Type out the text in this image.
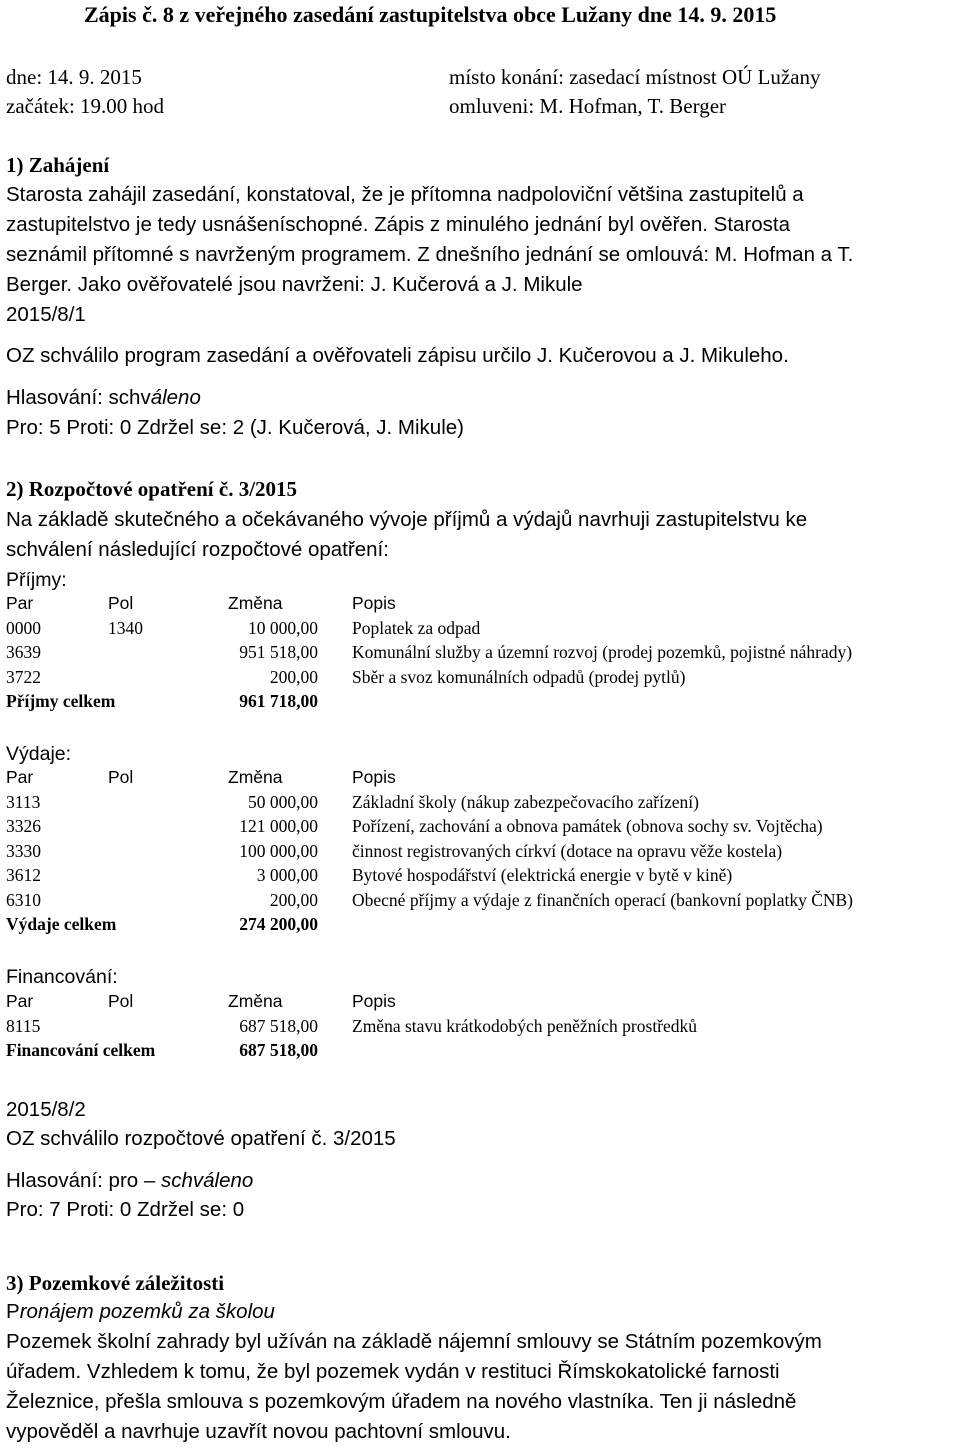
Zápis č. 8 z veřejného zasedání zastupitelstva obce Lužany dne 14. 9. 2015
dne: 14. 9. 2015
začátek: 19.00 hod
místo konání: zasedací místnost OÚ Lužany
omluveni: M. Hofman, T. Berger
1) Zahájení
Starosta zahájil zasedání, konstatoval, že je přítomna nadpoloviční většina zastupitelů a
zastupitelstvo je tedy usnášeníschopné. Zápis z minulého jednání byl ověřen. Starosta
seznámil přítomné s navrženým programem. Z dnešního jednání se omlouvá: M. Hofman a T.
Berger. Jako ověřovatelé jsou navrženi: J. Kučerová a J. Mikule
2015/8/1
OZ schválilo program zasedání a ověřovateli zápisu určilo J. Kučerovou a J. Mikuleho.
Hlasování: schváleno
Pro: 5 Proti: 0 Zdržel se: 2 (J. Kučerová, J. Mikule)
2) Rozpočtové opatření č. 3/2015
Na základě skutečného a očekávaného vývoje příjmů a výdajů navrhuji zastupitelstvu ke
schválení následující rozpočtové opatření:
Příjmy:
Par	Pol	Změna	Popis
0000	1340	10 000,00	Poplatek za odpad
3639		951 518,00	Komunální služby a územní rozvoj (prodej pozemků, pojistné náhrady)
3722		200,00	Sběr a svoz komunálních odpadů (prodej pytlů)
Příjmy celkem		961 718,00	
Výdaje:
Par	Pol	Změna	Popis
3113		50 000,00	Základní školy (nákup zabezpečovacího zařízení)
3326		121 000,00	Pořízení, zachování a obnova památek (obnova sochy sv. Vojtěcha)
3330		100 000,00	činnost registrovaných církví (dotace na opravu věže kostela)
3612		3 000,00	Bytové hospodářství (elektrická energie v bytě v kině)
6310		200,00	Obecné příjmy a výdaje z finančních operací (bankovní poplatky ČNB)
Výdaje celkem		274 200,00	
Financování:
Par	Pol	Změna	Popis
8115		687 518,00	Změna stavu krátkodobých peněžních prostředků
Financování celkem		687 518,00	
2015/8/2
OZ schválilo rozpočtové opatření č. 3/2015
Hlasování: pro – schváleno
Pro: 7 Proti: 0 Zdržel se: 0
3) Pozemkové záležitosti
Pronájem pozemků za školou
Pozemek školní zahrady byl užíván na základě nájemní smlouvy se Státním pozemkovým
úřadem. Vzhledem k tomu, že byl pozemek vydán v restituci Římskokatolické farnosti
Železnice, přešla smlouva s pozemkovým úřadem na nového vlastníka. Ten ji následně
vypověděl a navrhuje uzavřít novou pachtovní smlouvu.
